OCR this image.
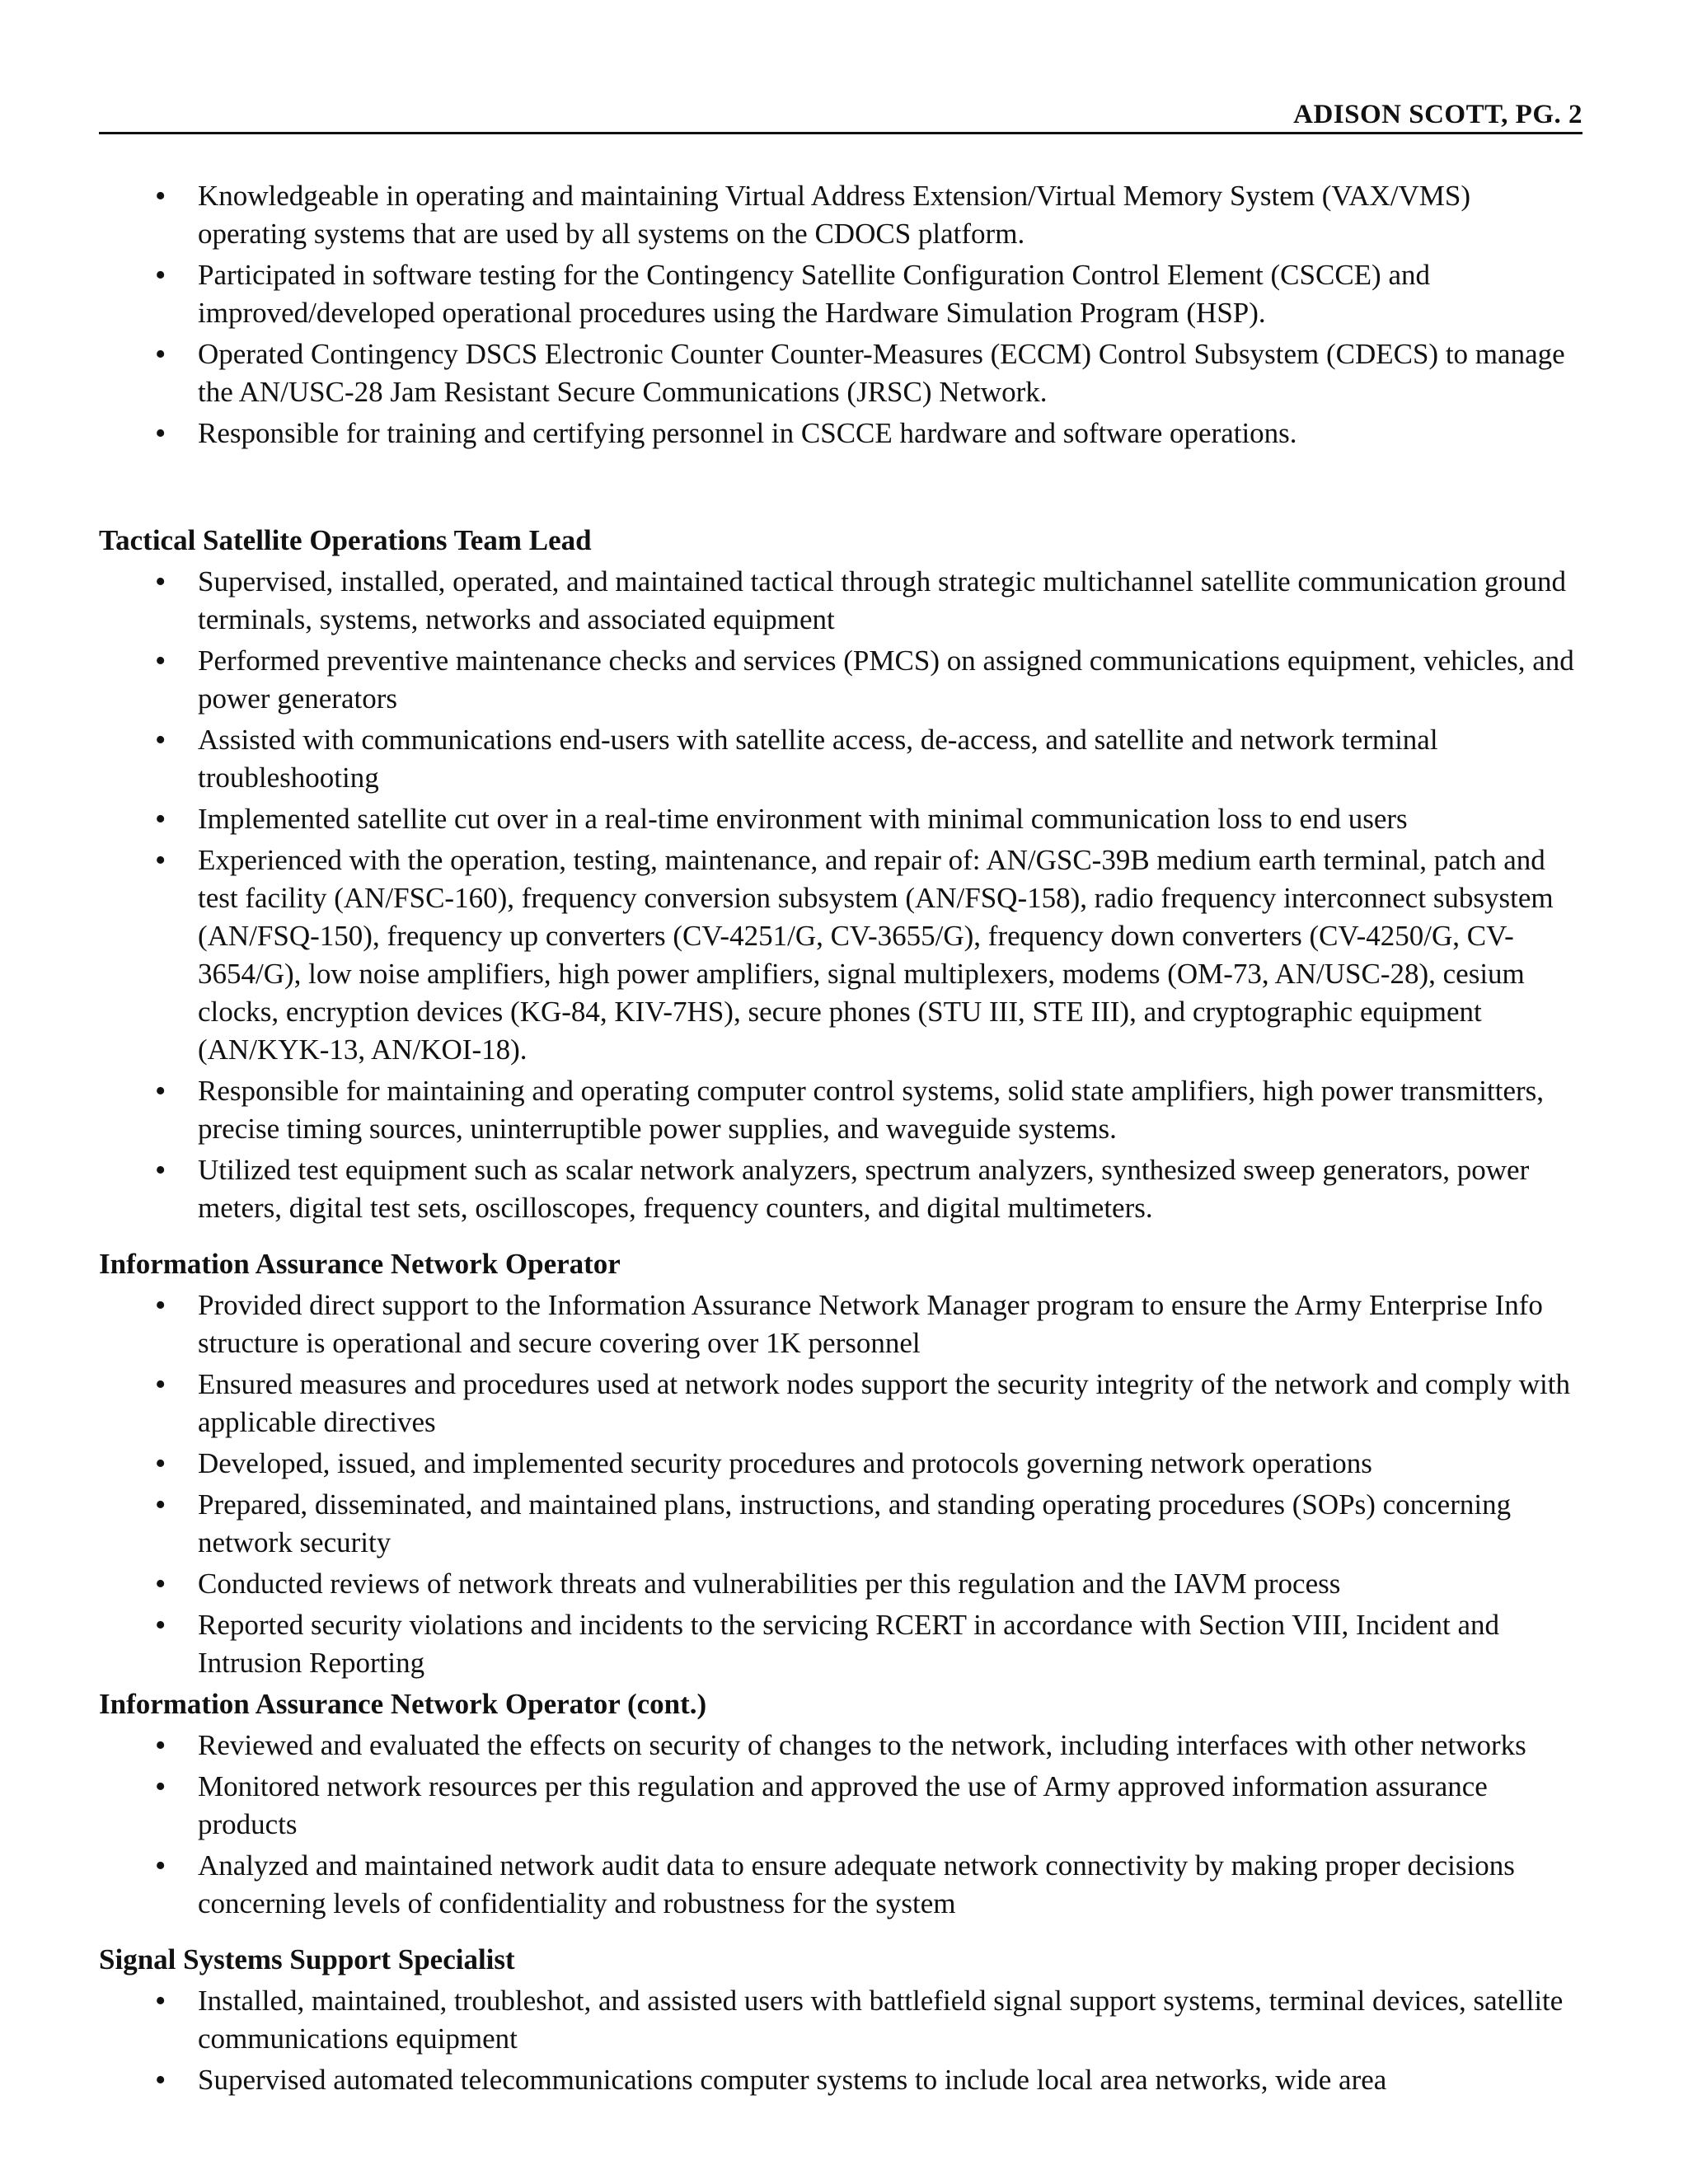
ADISON SCOTT, PG. 2
• Knowledgeable in operating and maintaining Virtual Address Extension/Virtual Memory System (VAX/VMS) operating systems that are used by all systems on the CDOCS platform.
• Participated in software testing for the Contingency Satellite Configuration Control Element (CSCCE) and improved/developed operational procedures using the Hardware Simulation Program (HSP).
• Operated Contingency DSCS Electronic Counter Counter-Measures (ECCM) Control Subsystem (CDECS) to manage the AN/USC-28 Jam Resistant Secure Communications (JRSC) Network.
• Responsible for training and certifying personnel in CSCCE hardware and software operations.
Tactical Satellite Operations Team Lead
• Supervised, installed, operated, and maintained tactical through strategic multichannel satellite communication ground terminals, systems, networks and associated equipment
• Performed preventive maintenance checks and services (PMCS) on assigned communications equipment, vehicles, and power generators
• Assisted with communications end-users with satellite access, de-access, and satellite and network terminal troubleshooting
• Implemented satellite cut over in a real-time environment with minimal communication loss to end users
• Experienced with the operation, testing, maintenance, and repair of: AN/GSC-39B medium earth terminal, patch and test facility (AN/FSC-160), frequency conversion subsystem (AN/FSQ-158), radio frequency interconnect subsystem (AN/FSQ-150), frequency up converters (CV-4251/G, CV-3655/G), frequency down converters (CV-4250/G, CV-3654/G), low noise amplifiers, high power amplifiers, signal multiplexers, modems (OM-73, AN/USC-28), cesium clocks, encryption devices (KG-84, KIV-7HS), secure phones (STU III, STE III), and cryptographic equipment (AN/KYK-13, AN/KOI-18).
• Responsible for maintaining and operating computer control systems, solid state amplifiers, high power transmitters, precise timing sources, uninterruptible power supplies, and waveguide systems.
• Utilized test equipment such as scalar network analyzers, spectrum analyzers, synthesized sweep generators, power meters, digital test sets, oscilloscopes, frequency counters, and digital multimeters.
Information Assurance Network Operator
• Provided direct support to the Information Assurance Network Manager program to ensure the Army Enterprise Info structure is operational and secure covering over 1K personnel
• Ensured measures and procedures used at network nodes support the security integrity of the network and comply with applicable directives
• Developed, issued, and implemented security procedures and protocols governing network operations
• Prepared, disseminated, and maintained plans, instructions, and standing operating procedures (SOPs) concerning network security
• Conducted reviews of network threats and vulnerabilities per this regulation and the IAVM process
• Reported security violations and incidents to the servicing RCERT in accordance with Section VIII, Incident and Intrusion Reporting
Information Assurance Network Operator (cont.)
• Reviewed and evaluated the effects on security of changes to the network, including interfaces with other networks
• Monitored network resources per this regulation and approved the use of Army approved information assurance products
• Analyzed and maintained network audit data to ensure adequate network connectivity by making proper decisions concerning levels of confidentiality and robustness for the system
Signal Systems Support Specialist
• Installed, maintained, troubleshot, and assisted users with battlefield signal support systems, terminal devices, satellite communications equipment
• Supervised automated telecommunications computer systems to include local area networks, wide area
